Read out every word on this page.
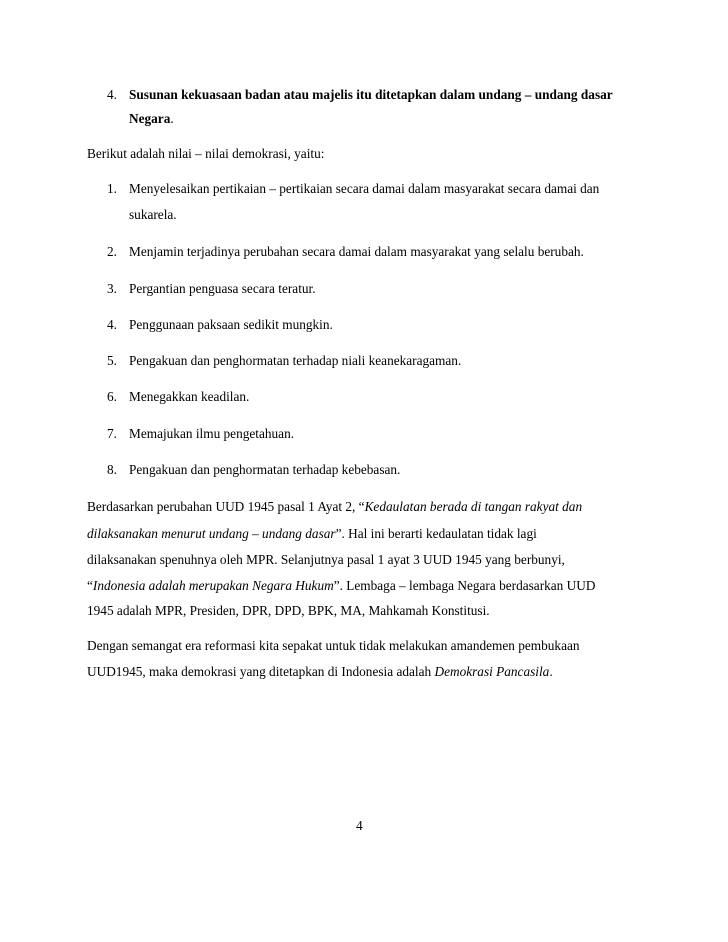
4. Susunan kekuasaan badan atau majelis itu ditetapkan dalam undang – undang dasar
Negara.
Berikut adalah nilai – nilai demokrasi, yaitu:
1. Menyelesaikan pertikaian – pertikaian secara damai dalam masyarakat secara damai dan
sukarela.
2. Menjamin terjadinya perubahan secara damai dalam masyarakat yang selalu berubah.
3. Pergantian penguasa secara teratur.
4. Penggunaan paksaan sedikit mungkin.
5. Pengakuan dan penghormatan terhadap niali keanekaragaman.
6. Menegakkan keadilan.
7. Memajukan ilmu pengetahuan.
8. Pengakuan dan penghormatan terhadap kebebasan.
Berdasarkan perubahan UUD 1945 pasal 1 Ayat 2, “Kedaulatan berada di tangan rakyat dan
dilaksanakan menurut undang – undang dasar”. Hal ini berarti kedaulatan tidak lagi
dilaksanakan spenuhnya oleh MPR. Selanjutnya pasal 1 ayat 3 UUD 1945 yang berbunyi,
“Indonesia adalah merupakan Negara Hukum”. Lembaga – lembaga Negara berdasarkan UUD
1945 adalah MPR, Presiden, DPR, DPD, BPK, MA, Mahkamah Konstitusi.
Dengan semangat era reformasi kita sepakat untuk tidak melakukan amandemen pembukaan
UUD1945, maka demokrasi yang ditetapkan di Indonesia adalah Demokrasi Pancasila.
4
